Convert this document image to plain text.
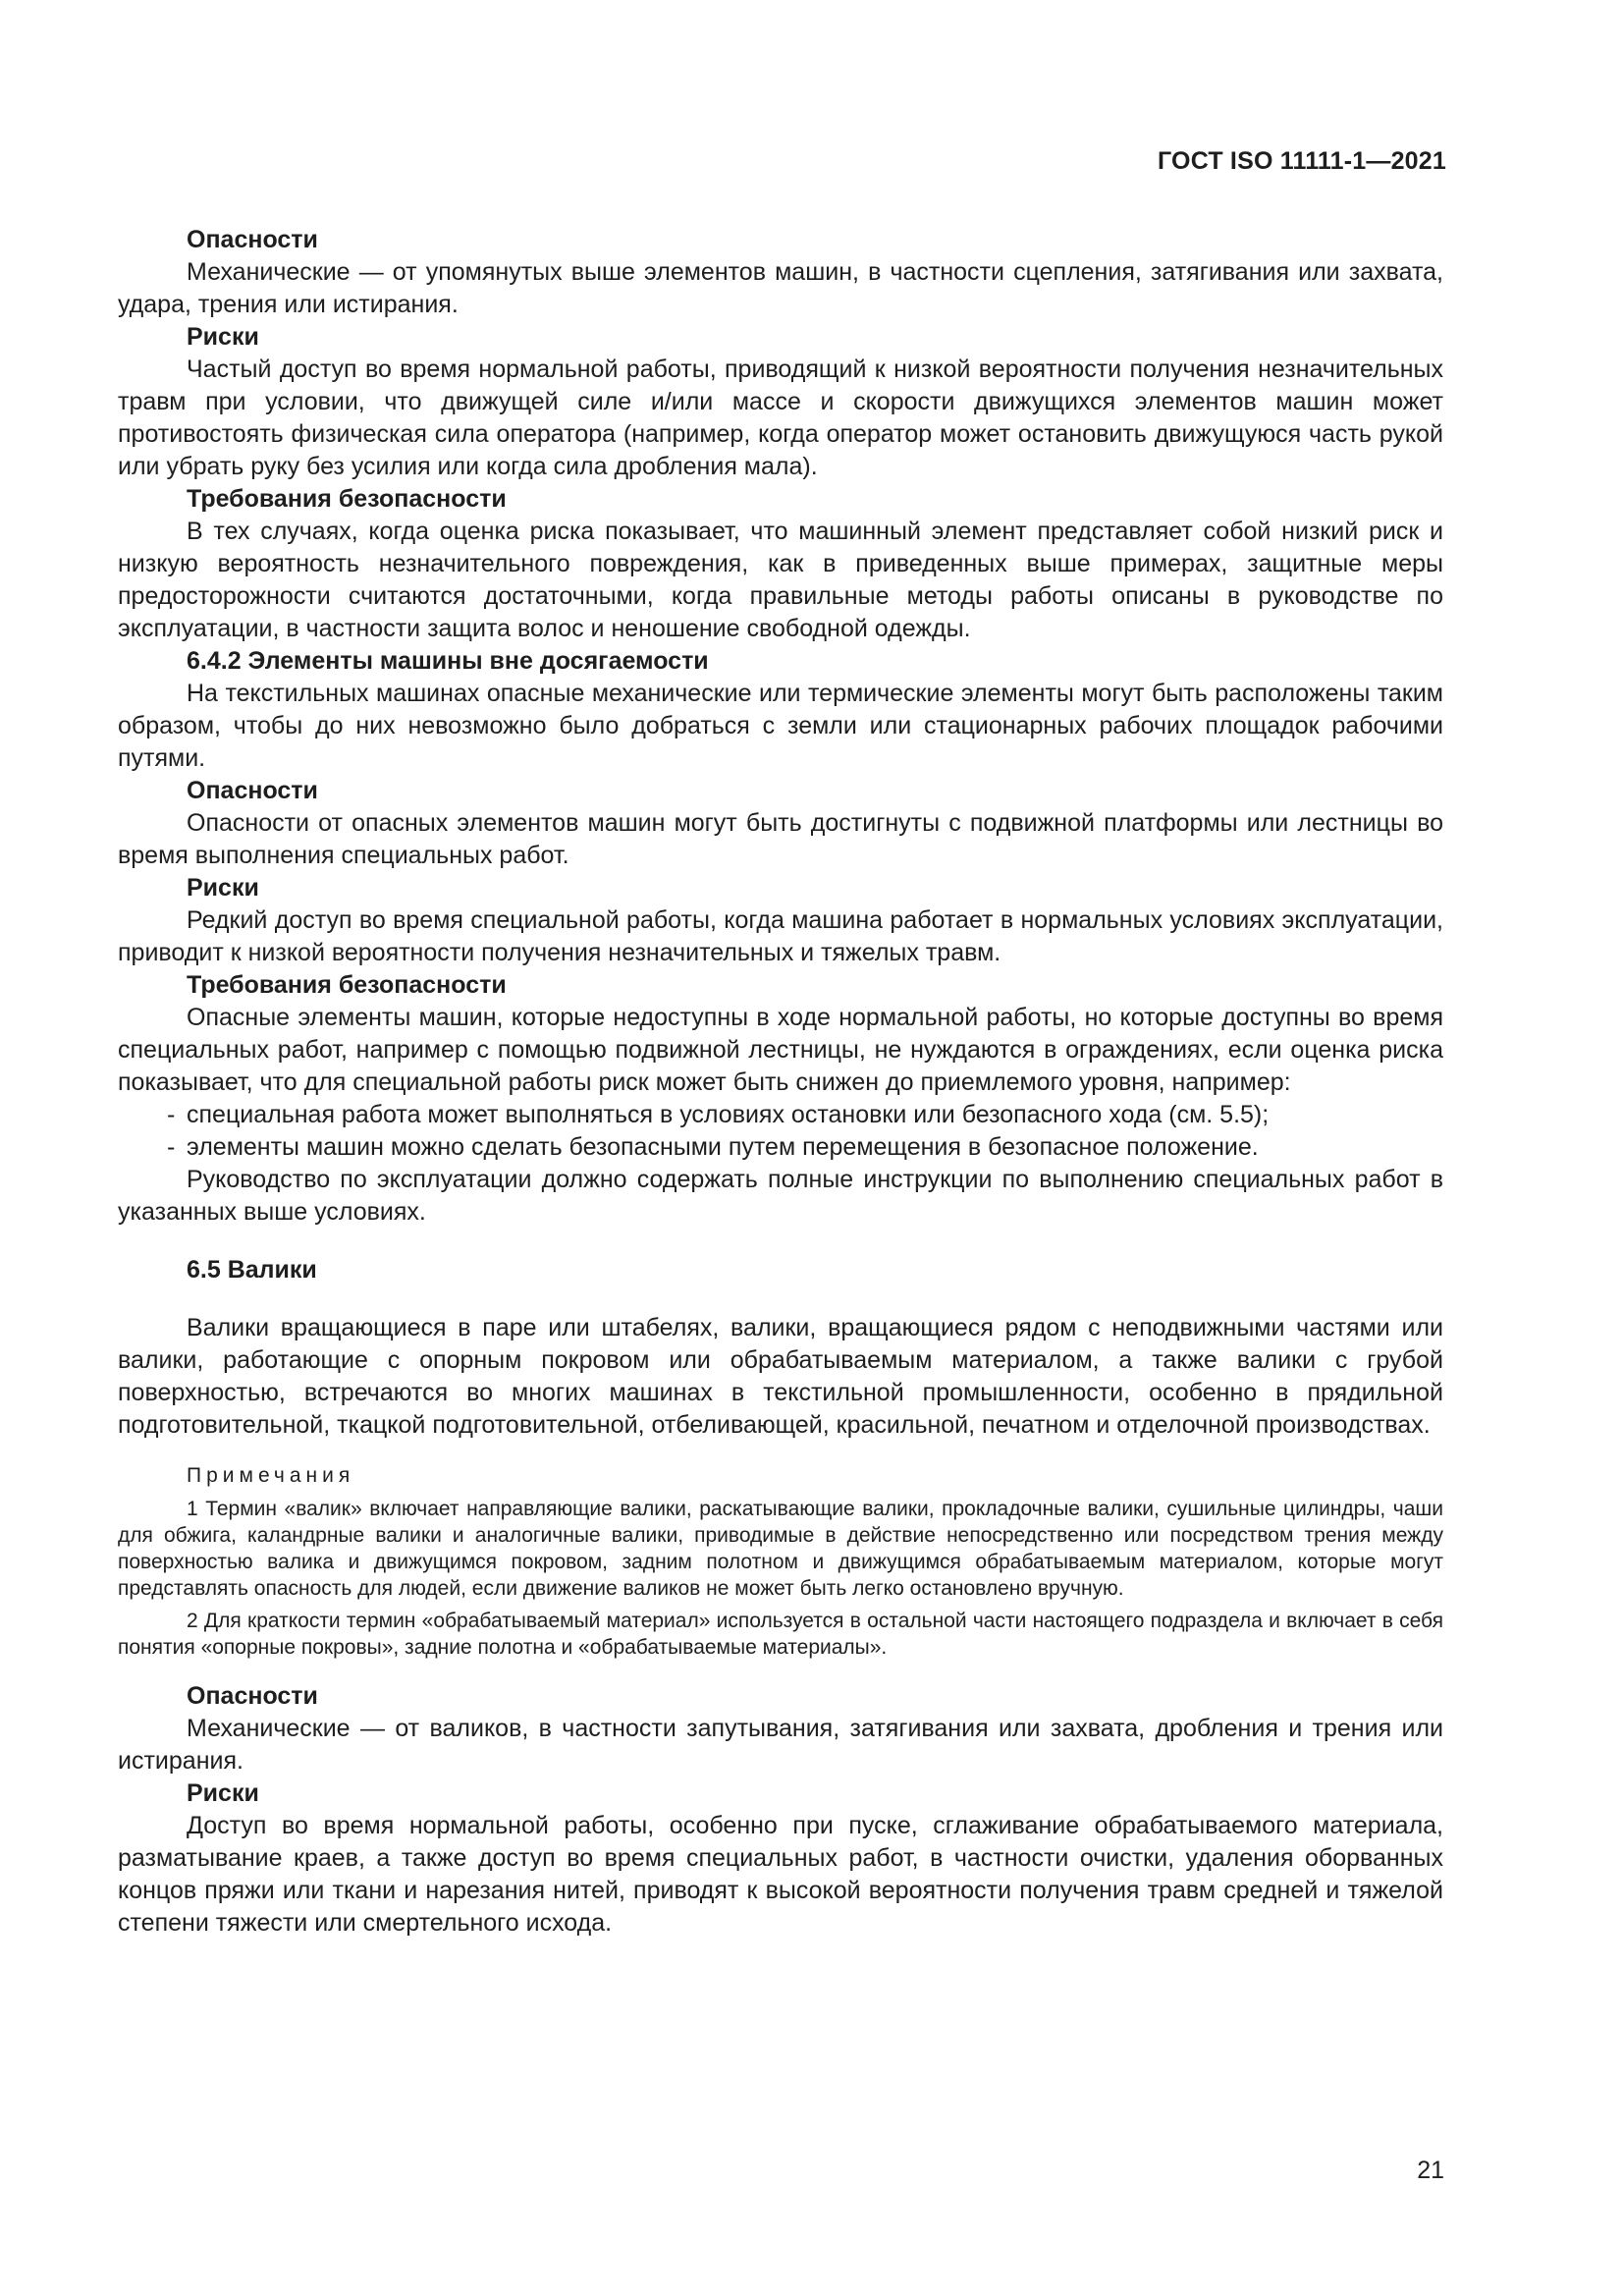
ГОСТ ISO 11111-1—2021

Опасности

Механические — от упомянутых выше элементов машин, в частности сцепления, затягивания или захвата, удара, трения или истирания.

Риски

Частый доступ во время нормальной работы, приводящий к низкой вероятности получения незначительных травм при условии, что движущей силе и/или массе и скорости движущихся элементов машин может противостоять физическая сила оператора (например, когда оператор может остановить движущуюся часть рукой или убрать руку без усилия или когда сила дробления мала).

Требования безопасности

В тех случаях, когда оценка риска показывает, что машинный элемент представляет собой низкий риск и низкую вероятность незначительного повреждения, как в приведенных выше примерах, защитные меры предосторожности считаются достаточными, когда правильные методы работы описаны в руководстве по эксплуатации, в частности защита волос и неношение свободной одежды.

6.4.2 Элементы машины вне досягаемости

На текстильных машинах опасные механические или термические элементы могут быть расположены таким образом, чтобы до них невозможно было добраться с земли или стационарных рабочих площадок рабочими путями.

Опасности

Опасности от опасных элементов машин могут быть достигнуты с подвижной платформы или лестницы во время выполнения специальных работ.

Риски

Редкий доступ во время специальной работы, когда машина работает в нормальных условиях эксплуатации, приводит к низкой вероятности получения незначительных и тяжелых травм.

Требования безопасности

Опасные элементы машин, которые недоступны в ходе нормальной работы, но которые доступны во время специальных работ, например с помощью подвижной лестницы, не нуждаются в ограждениях, если оценка риска показывает, что для специальной работы риск может быть снижен до приемлемого уровня, например:

- специальная работа может выполняться в условиях остановки или безопасного хода (см. 5.5);

- элементы машин можно сделать безопасными путем перемещения в безопасное положение.

Руководство по эксплуатации должно содержать полные инструкции по выполнению специальных работ в указанных выше условиях.

6.5 Валики

Валики вращающиеся в паре или штабелях, валики, вращающиеся рядом с неподвижными частями или валики, работающие с опорным покровом или обрабатываемым материалом, а также валики с грубой поверхностью, встречаются во многих машинах в текстильной промышленности, особенно в прядильной подготовительной, ткацкой подготовительной, отбеливающей, красильной, печатном и отделочной производствах.

Примечания

1 Термин «валик» включает направляющие валики, раскатывающие валики, прокладочные валики, сушильные цилиндры, чаши для обжига, каландрные валики и аналогичные валики, приводимые в действие непосредственно или посредством трения между поверхностью валика и движущимся покровом, задним полотном и движущимся обрабатываемым материалом, которые могут представлять опасность для людей, если движение валиков не может быть легко остановлено вручную.

2 Для краткости термин «обрабатываемый материал» используется в остальной части настоящего подраздела и включает в себя понятия «опорные покровы», задние полотна и «обрабатываемые материалы».

Опасности

Механические — от валиков, в частности запутывания, затягивания или захвата, дробления и трения или истирания.

Риски

Доступ во время нормальной работы, особенно при пуске, сглаживание обрабатываемого материала, разматывание краев, а также доступ во время специальных работ, в частности очистки, удаления оборванных концов пряжи или ткани и нарезания нитей, приводят к высокой вероятности получения травм средней и тяжелой степени тяжести или смертельного исхода.

21
